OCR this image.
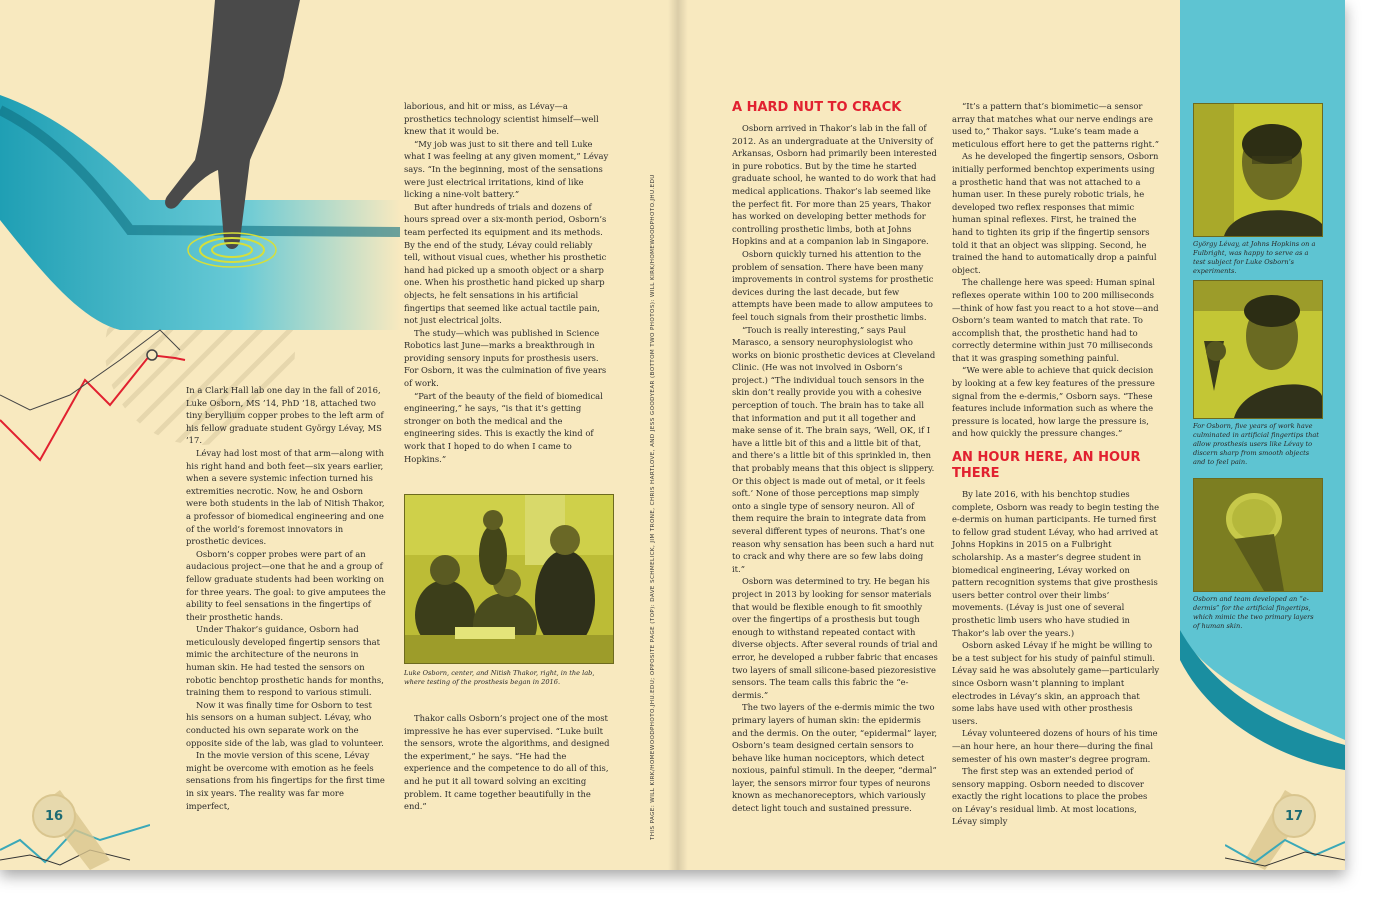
In a Clark Hall lab one day in the fall of 2016, Luke Osborn, MS ’14, PhD ’18, attached two tiny beryllium copper probes to the left arm of his fellow graduate student György Lévay, MS ’17.

Lévay had lost most of that arm—along with his right hand and both feet—six years earlier, when a severe systemic infection turned his extremities necrotic. Now, he and Osborn were both students in the lab of Nitish Thakor, a professor of biomedical engineering and one of the world’s foremost innovators in prosthetic devices.

Osborn’s copper probes were part of an audacious project—one that he and a group of fellow graduate students had been working on for three years. The goal: to give amputees the ability to feel sensations in the fingertips of their prosthetic hands.

Under Thakor’s guidance, Osborn had meticulously developed fingertip sensors that mimic the architecture of the neurons in human skin. He had tested the sensors on robotic benchtop prosthetic hands for months, training them to respond to various stimuli.

Now it was finally time for Osborn to test his sensors on a human subject. Lévay, who conducted his own separate work on the opposite side of the lab, was glad to volunteer.

In the movie version of this scene, Lévay might be overcome with emotion as he feels sensations from his fingertips for the first time in six years. The reality was far more imperfect,

laborious, and hit or miss, as Lévay—a prosthetics technology scientist himself—well knew that it would be.

“My job was just to sit there and tell Luke what I was feeling at any given moment,” Lévay says. “In the beginning, most of the sensations were just electrical irritations, kind of like licking a nine-volt battery.”

But after hundreds of trials and dozens of hours spread over a six-month period, Osborn’s team perfected its equipment and its methods. By the end of the study, Lévay could reliably tell, without visual cues, whether his prosthetic hand had picked up a smooth object or a sharp one. When his prosthetic hand picked up sharp objects, he felt sensations in his artificial fingertips that seemed like actual tactile pain, not just electrical jolts.

The study—which was published in Science Robotics last June—marks a breakthrough in providing sensory inputs for prosthesis users. For Osborn, it was the culmination of five years of work.

“Part of the beauty of the field of biomedical engineering,” he says, “is that it’s getting stronger on both the medical and the engineering sides. This is exactly the kind of work that I hoped to do when I came to Hopkins.”

Luke Osborn, center, and Nitish Thakor, right, in the lab, where testing of the prosthesis began in 2016.

Thakor calls Osborn’s project one of the most impressive he has ever supervised. “Luke built the sensors, wrote the algorithms, and designed the experiment,” he says. “He had the experience and the competence to do all of this, and he put it all toward solving an exciting problem. It came together beautifully in the end.”	THIS PAGE: WILL KIRK/HOMEWOODPHOTO.JHU.EDU; OPPOSITE PAGE (TOP): DAVE SCHMELICK, JIM TRONE, CHRIS HARTLOVE, AND JESS GOODYEAR (BOTTOM TWO PHOTOS): WILL KIRK/HOMEWOODPHOTO.JHU.EDU
16
A HARD NUT TO CRACK

Osborn arrived in Thakor’s lab in the fall of 2012. As an undergraduate at the University of Arkansas, Osborn had primarily been interested in pure robotics. But by the time he started graduate school, he wanted to do work that had medical applications. Thakor’s lab seemed like the perfect fit. For more than 25 years, Thakor has worked on developing better methods for controlling prosthetic limbs, both at Johns Hopkins and at a companion lab in Singapore.

Osborn quickly turned his attention to the problem of sensation. There have been many improvements in control systems for prosthetic devices during the last decade, but few attempts have been made to allow amputees to feel touch signals from their prosthetic limbs.

“Touch is really interesting,” says Paul Marasco, a sensory neurophysiologist who works on bionic prosthetic devices at Cleveland Clinic. (He was not involved in Osborn’s project.) “The individual touch sensors in the skin don’t really provide you with a cohesive perception of touch. The brain has to take all that information and put it all together and make sense of it. The brain says, ‘Well, OK, if I have a little bit of this and a little bit of that, and there’s a little bit of this sprinkled in, then that probably means that this object is slippery. Or this object is made out of metal, or it feels soft.’ None of those perceptions map simply onto a single type of sensory neuron. All of them require the brain to integrate data from several different types of neurons. That’s one reason why sensation has been such a hard nut to crack and why there are so few labs doing it.”

Osborn was determined to try. He began his project in 2013 by looking for sensor materials that would be flexible enough to fit smoothly over the fingertips of a prosthesis but tough enough to withstand repeated contact with diverse objects. After several rounds of trial and error, he developed a rubber fabric that encases two layers of small silicone-based piezoresistive sensors. The team calls this fabric the “e-dermis.”

The two layers of the e-dermis mimic the two primary layers of human skin: the epidermis and the dermis. On the outer, “epidermal” layer, Osborn’s team designed certain sensors to behave like human nociceptors, which detect noxious, painful stimuli. In the deeper, “dermal” layer, the sensors mirror four types of neurons known as mechanoreceptors, which variously detect light touch and sustained pressure.

“It’s a pattern that’s biomimetic—a sensor array that matches what our nerve endings are used to,” Thakor says. “Luke’s team made a meticulous effort here to get the patterns right.”

As he developed the fingertip sensors, Osborn initially performed benchtop experiments using a prosthetic hand that was not attached to a human user. In these purely robotic trials, he developed two reflex responses that mimic human spinal reflexes. First, he trained the hand to tighten its grip if the fingertip sensors told it that an object was slipping. Second, he trained the hand to automatically drop a painful object.

The challenge here was speed: Human spinal reflexes operate within 100 to 200 milliseconds—think of how fast you react to a hot stove—and Osborn’s team wanted to match that rate. To accomplish that, the prosthetic hand had to correctly determine within just 70 milliseconds that it was grasping something painful.

“We were able to achieve that quick decision by looking at a few key features of the pressure signal from the e-dermis,” Osborn says. “These features include information such as where the pressure is located, how large the pressure is, and how quickly the pressure changes.”

AN HOUR HERE, AN HOUR THERE

By late 2016, with his benchtop studies complete, Osborn was ready to begin testing the e-dermis on human participants. He turned first to fellow grad student Lévay, who had arrived at Johns Hopkins in 2015 on a Fulbright scholarship. As a master’s degree student in biomedical engineering, Lévay worked on pattern recognition systems that give prosthesis users better control over their limbs’ movements. (Lévay is just one of several prosthetic limb users who have studied in Thakor’s lab over the years.)

Osborn asked Lévay if he might be willing to be a test subject for his study of painful stimuli. Lévay said he was absolutely game—particularly since Osborn wasn’t planning to implant electrodes in Lévay’s skin, an approach that some labs have used with other prosthesis users.

Lévay volunteered dozens of hours of his time—an hour here, an hour there—during the final semester of his own master’s degree program.

The first step was an extended period of sensory mapping. Osborn needed to discover exactly the right locations to place the probes on Lévay’s residual limb. At most locations, Lévay simply

György Lévay, at Johns Hopkins on a Fulbright, was happy to serve as a test subject for Luke Osborn’s experiments.
For Osborn, five years of work have culminated in artificial fingertips that allow prosthesis users like Lévay to discern sharp from smooth objects and to feel pain.
Osborn and team developed an “e-dermis” for the artificial fingertips, which mimic the two primary layers of human skin.
17
